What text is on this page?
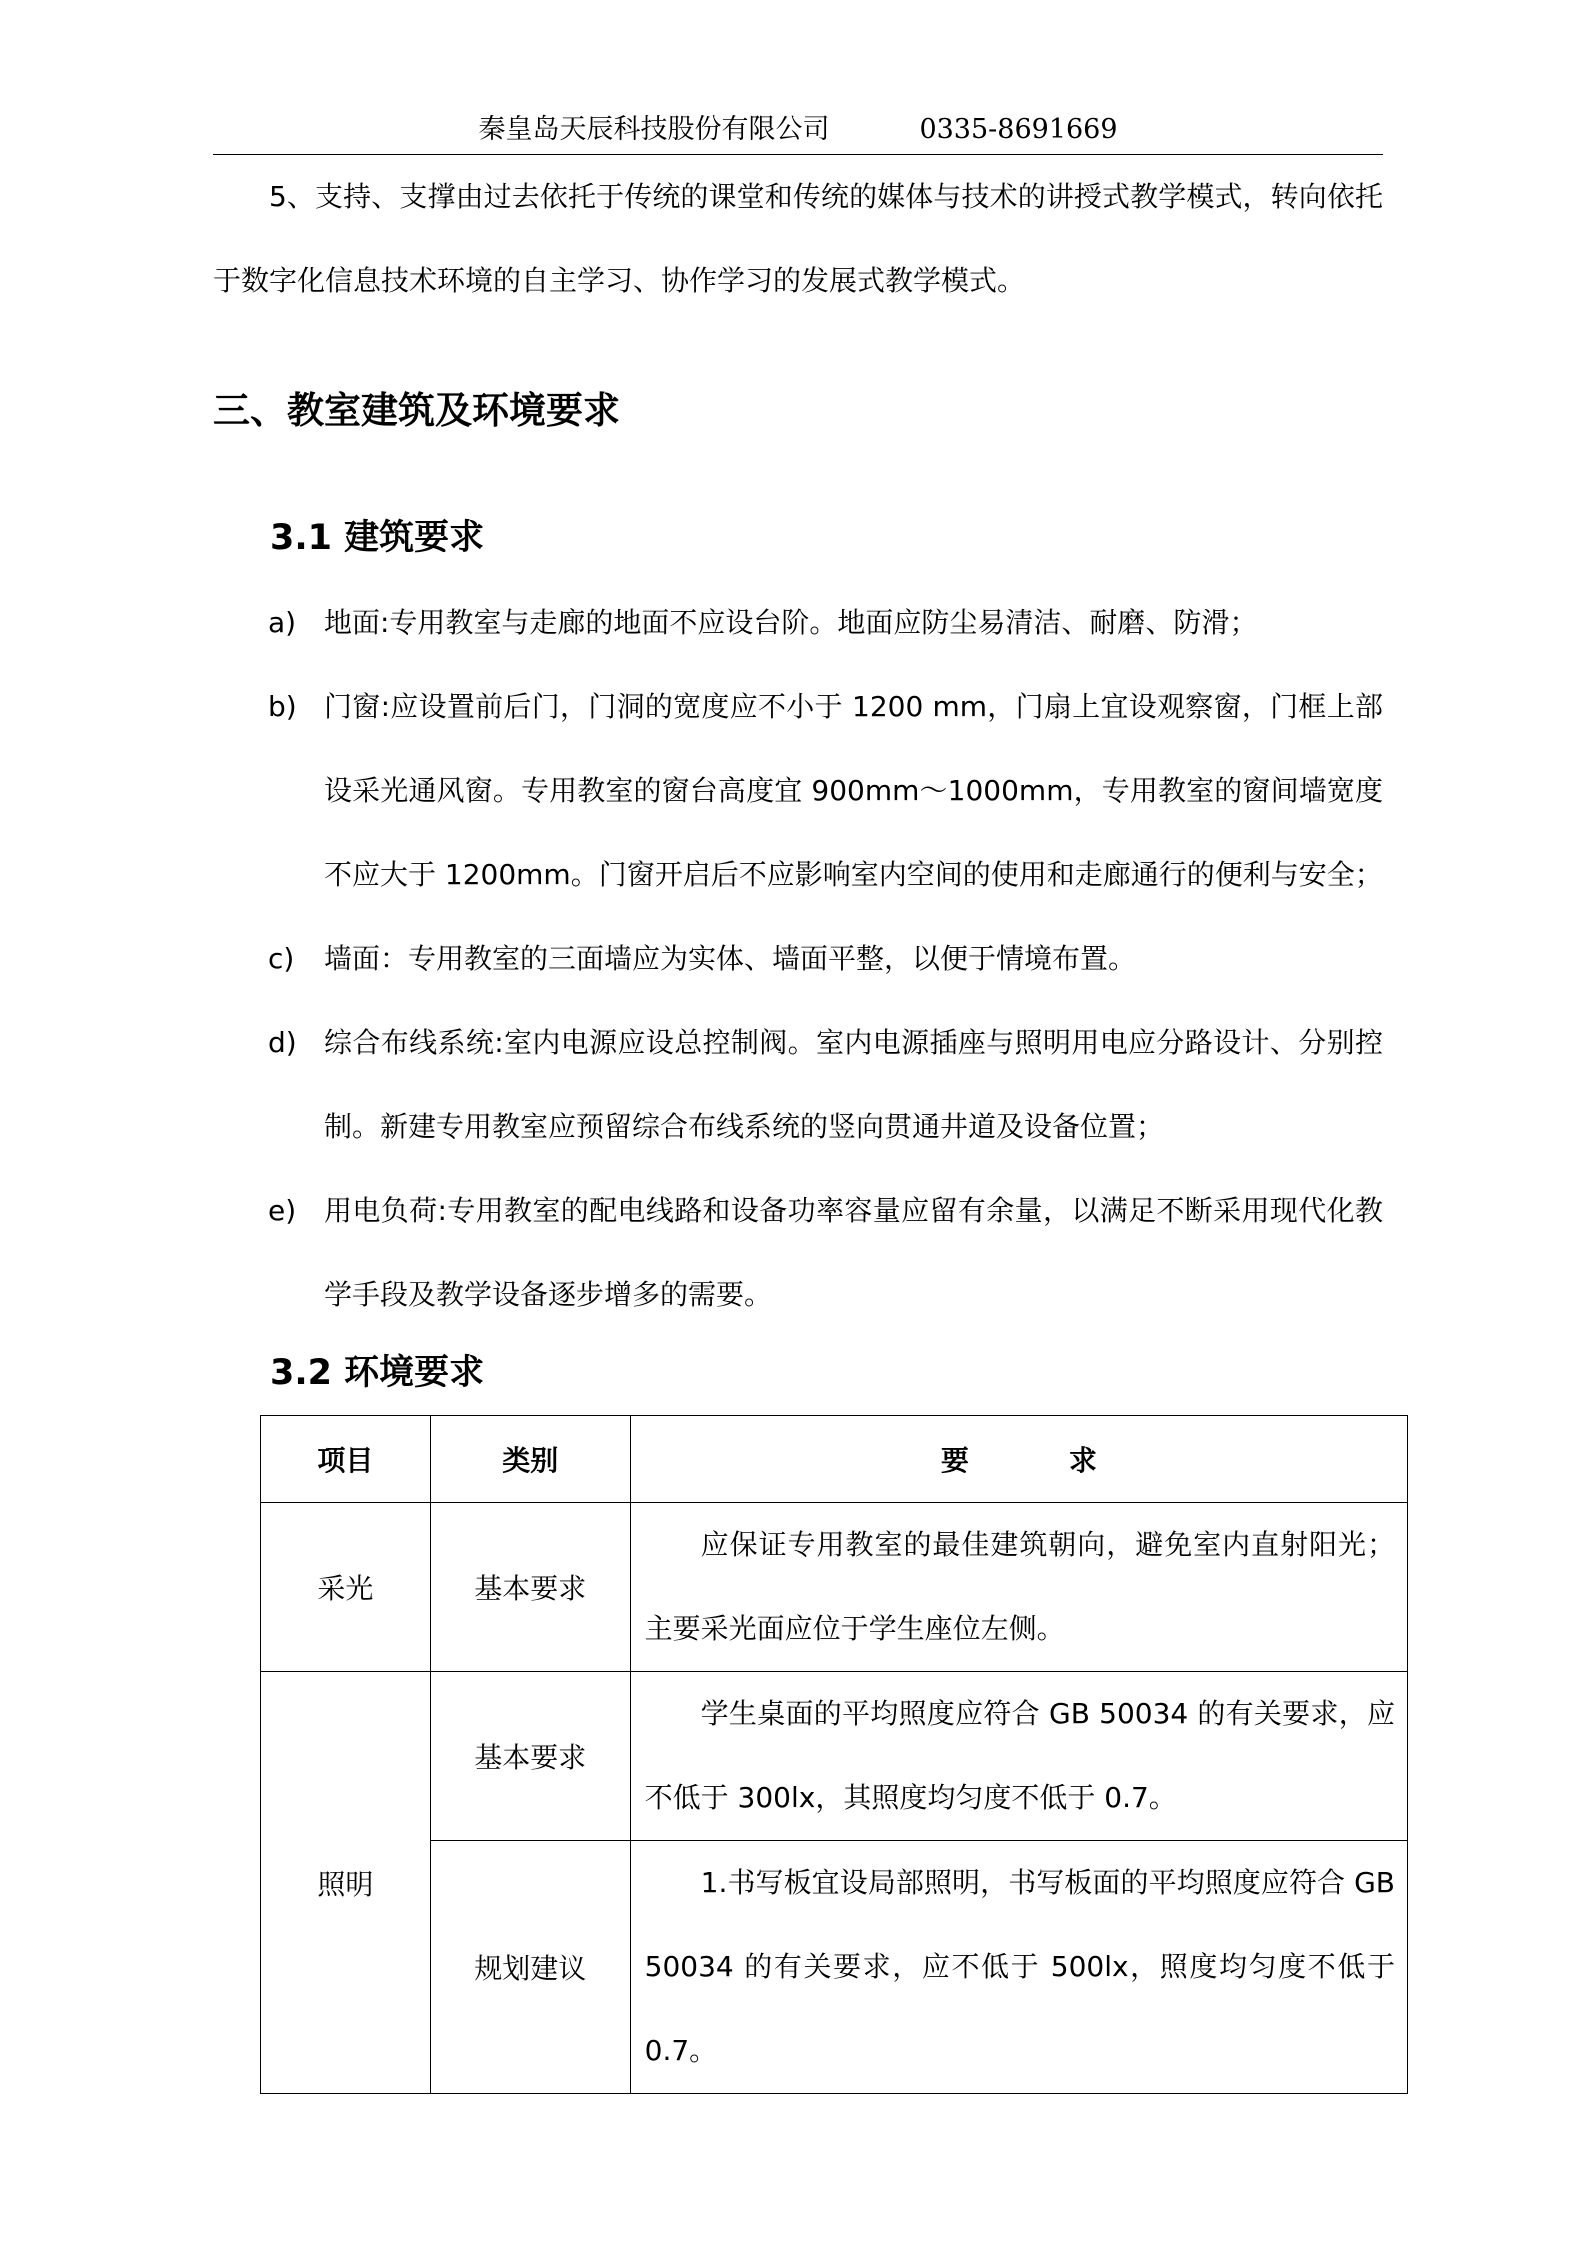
秦皇岛天辰科技股份有限公司	0335-8691669
5、支持、支撑由过去依托于传统的课堂和传统的媒体与技术的讲授式教学模式，转向依托于数字化信息技术环境的自主学习、协作学习的发展式教学模式。
三、教室建筑及环境要求
3.1 建筑要求
a) 地面:专用教室与走廊的地面不应设台阶。地面应防尘易清洁、耐磨、防滑；
b) 门窗:应设置前后门，门洞的宽度应不小于 1200 mm，门扇上宜设观察窗，门框上部设采光通风窗。专用教室的窗台高度宜 900mm～1000mm，专用教室的窗间墙宽度不应大于 1200mm。门窗开启后不应影响室内空间的使用和走廊通行的便利与安全；
c)	墙面：专用教室的三面墙应为实体、墙面平整，以便于情境布置。
d) 综合布线系统:室内电源应设总控制阀。室内电源插座与照明用电应分路设计、分别控制。新建专用教室应预留综合布线系统的竖向贯通井道及设备位置；
e) 用电负荷:专用教室的配电线路和设备功率容量应留有余量，以满足不断采用现代化教学手段及教学设备逐步增多的需要。
3.2 环境要求
项目	类别	要 求
采光	基本要求	应保证专用教室的最佳建筑朝向，避免室内直射阳光；主要采光面应位于学生座位左侧。

照明	基本要求	学生桌面的平均照度应符合 GB 50034 的有关要求，应不低于 300lx，其照度均匀度不低于 0.7。

	规划建议	1.书写板宜设局部照明，书写板面的平均照度应符合 GB 50034 的有关要求，应不低于 500lx，照度均匀度不低于 0.7。
